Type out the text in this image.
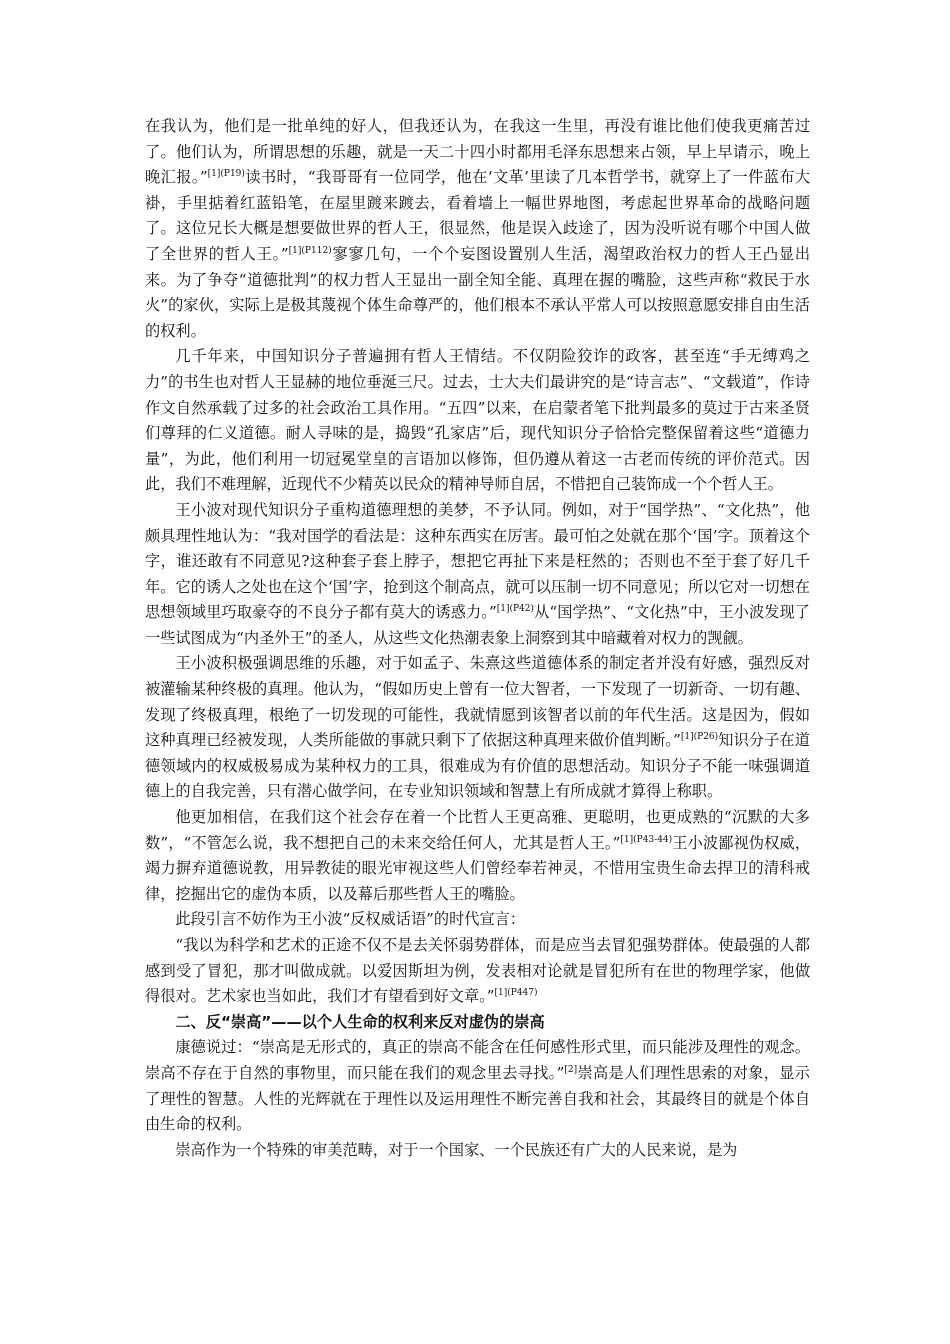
在我认为，他们是一批单纯的好人，但我还认为，在我这一生里，再没有谁比他们使我更痛苦过了。他们认为，所谓思想的乐趣，就是一天二十四小时都用毛泽东思想来占领，早上早请示，晚上晚汇报。”$^{[1](P19)}$读书时，“我哥哥有一位同学，他在‘文革’里读了几本哲学书，就穿上了一件蓝布大褂，手里掂着红蓝铅笔，在屋里踱来踱去，看着墙上一幅世界地图，考虑起世界革命的战略问题了。这位兄长大概是想要做世界的哲人王，很显然，他是误入歧途了，因为没听说有哪个中国人做了全世界的哲人王。”$^{[1](P112)}$寥寥几句，一个个妄图设置别人生活，渴望政治权力的哲人王凸显出来。为了争夺“道德批判”的权力哲人王显出一副全知全能、真理在握的嘴脸，这些声称“救民于水火”的家伙，实际上是极其蔑视个体生命尊严的，他们根本不承认平常人可以按照意愿安排自由生活的权利。

几千年来，中国知识分子普遍拥有哲人王情结。不仅阴险狡诈的政客，甚至连“手无缚鸡之力”的书生也对哲人王显赫的地位垂涎三尺。过去，士大夫们最讲究的是“诗言志”、“文载道”，作诗作文自然承载了过多的社会政治工具作用。“五四”以来，在启蒙者笔下批判最多的莫过于古来圣贤们尊拜的仁义道德。耐人寻味的是，捣毁“孔家店”后，现代知识分子恰恰完整保留着这些“道德力量”，为此，他们利用一切冠冕堂皇的言语加以修饰，但仍遵从着这一古老而传统的评价范式。因此，我们不难理解，近现代不少精英以民众的精神导师自居，不惜把自己装饰成一个个哲人王。

王小波对现代知识分子重构道德理想的美梦，不予认同。例如，对于“国学热”、“文化热”，他颇具理性地认为：“我对国学的看法是：这种东西实在厉害。最可怕之处就在那个‘国’字。顶着这个字，谁还敢有不同意见?这种套子套上脖子，想把它再扯下来是枉然的；否则也不至于套了好几千年。它的诱人之处也在这个‘国’字，抢到这个制高点，就可以压制一切不同意见；所以它对一切想在思想领域里巧取豪夺的不良分子都有莫大的诱惑力。”$^{[1](P42)}$从“国学热”、“文化热”中，王小波发现了一些试图成为“内圣外王”的圣人，从这些文化热潮表象上洞察到其中暗藏着对权力的觊觎。

王小波积极强调思维的乐趣，对于如孟子、朱熹这些道德体系的制定者并没有好感，强烈反对被灌输某种终极的真理。他认为，“假如历史上曾有一位大智者，一下发现了一切新奇、一切有趣、发现了终极真理，根绝了一切发现的可能性，我就情愿到该智者以前的年代生活。这是因为，假如这种真理已经被发现，人类所能做的事就只剩下了依据这种真理来做价值判断。”$^{[1](P26)}$知识分子在道德领域内的权威极易成为某种权力的工具，很难成为有价值的思想活动。知识分子不能一味强调道德上的自我完善，只有潜心做学问，在专业知识领域和智慧上有所成就才算得上称职。

他更加相信，在我们这个社会存在着一个比哲人王更高雅、更聪明，也更成熟的“沉默的大多数”，“不管怎么说，我不想把自己的未来交给任何人，尤其是哲人王。”$^{[1](P43-44)}$王小波鄙视伪权威，竭力摒弃道德说教，用异教徒的眼光审视这些人们曾经奉若神灵，不惜用宝贵生命去捍卫的清科戒律，挖掘出它的虚伪本质，以及幕后那些哲人王的嘴脸。

此段引言不妨作为王小波“反权威话语”的时代宣言：

“我以为科学和艺术的正途不仅不是去关怀弱势群体，而是应当去冒犯强势群体。使最强的人都感到受了冒犯，那才叫做成就。以爱因斯坦为例，发表相对论就是冒犯所有在世的物理学家，他做得很对。艺术家也当如此，我们才有望看到好文章。”$^{[1](P447)}$

二、反“崇高”——以个人生命的权利来反对虚伪的崇高

康德说过：“崇高是无形式的，真正的崇高不能含在任何感性形式里，而只能涉及理性的观念。崇高不存在于自然的事物里，而只能在我们的观念里去寻找。”[2]崇高是人们理性思索的对象，显示了理性的智慧。人性的光辉就在于理性以及运用理性不断完善自我和社会，其最终目的就是个体自由生命的权利。

崇高作为一个特殊的审美范畴，对于一个国家、一个民族还有广大的人民来说，是为
